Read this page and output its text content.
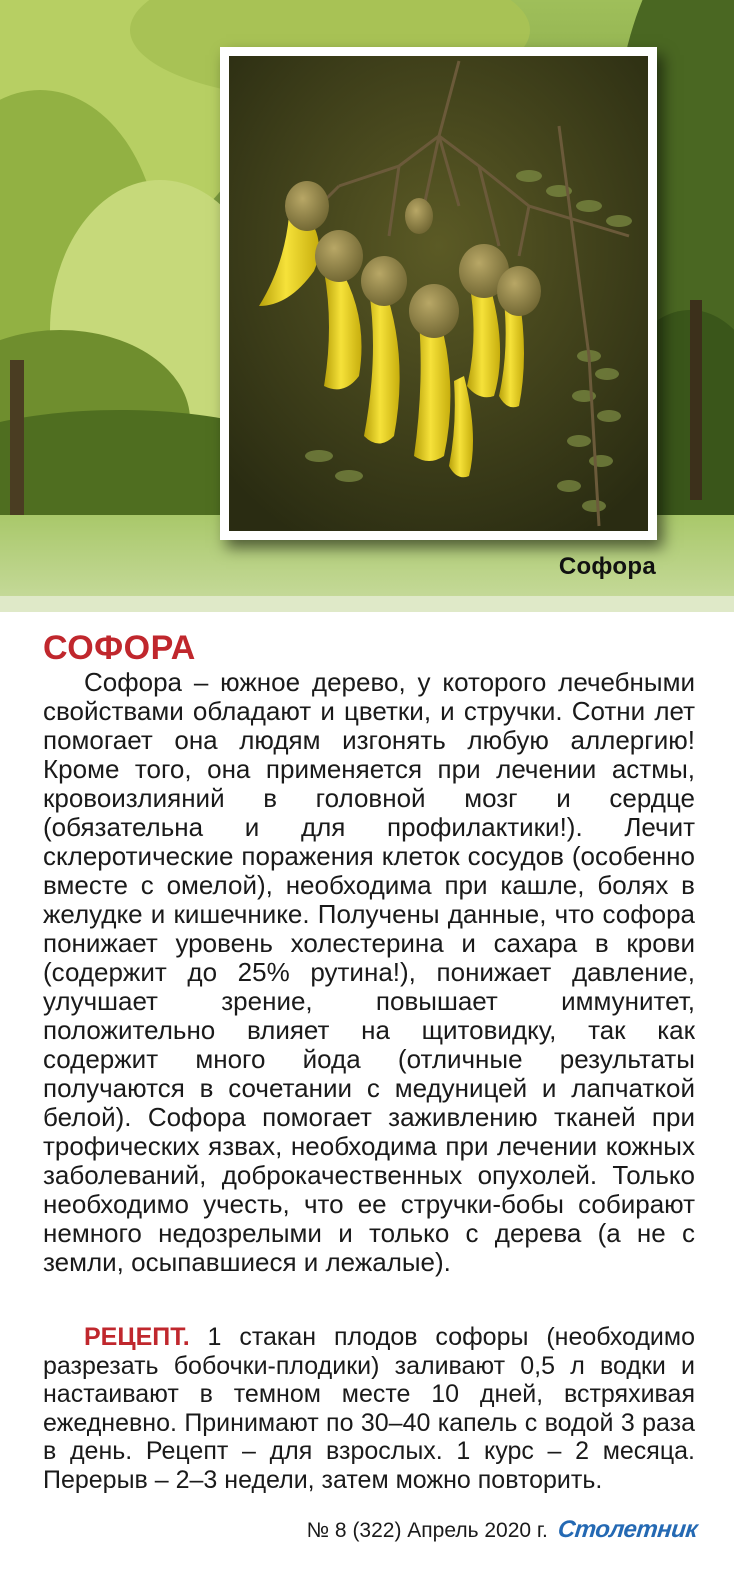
Софора
СОФОРА

Софора – южное дерево, у которого лечебными свойствами обладают и цветки, и стручки. Сотни лет помогает она людям изгонять любую аллергию! Кроме того, она применяется при лечении астмы, кровоизлияний в головной мозг и сердце (обязательна и для профилактики!). Лечит склеротические поражения клеток сосудов (особенно вместе с омелой), необходима при кашле, болях в желудке и кишечнике. Получены данные, что софора понижает уровень холестерина и сахара в крови (содержит до 25% рутина!), понижает давление, улучшает зрение, повышает иммунитет, положительно влияет на щитовидку, так как содержит много йода (отличные результаты получаются в сочетании с медуницей и лапчаткой белой). Софора помогает заживлению тканей при трофических язвах, необходима при лечении кожных заболеваний, доброкачественных опухолей. Только необходимо учесть, что ее стручки-бобы собирают немного недозрелыми и только с дерева (а не с земли, осыпавшиеся и лежалые).

РЕЦЕПТ. 1 стакан плодов софоры (необходимо разрезать бобочки-плодики) заливают 0,5 л водки и настаивают в темном месте 10 дней, встряхивая ежедневно. Принимают по 30–40 капель с водой 3 раза в день. Рецепт – для взрослых. 1 курс – 2 месяца. Перерыв – 2–3 недели, затем можно повторить.

№ 8 (322) Апрель 2020 г. Столетник
